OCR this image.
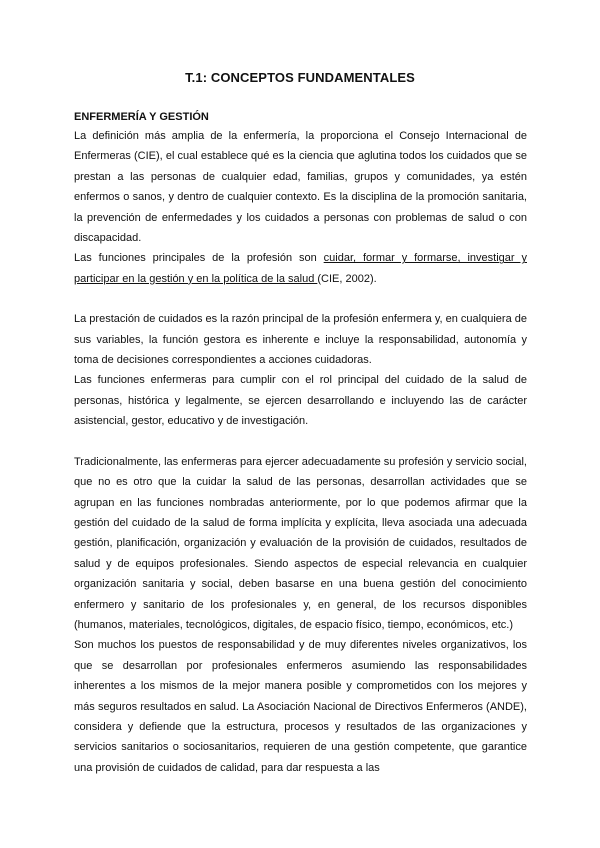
T.1: CONCEPTOS FUNDAMENTALES

ENFERMERÍA Y GESTIÓN

La definición más amplia de la enfermería, la proporciona el Consejo Internacional de Enfermeras (CIE), el cual establece qué es la ciencia que aglutina todos los cuidados que se prestan a las personas de cualquier edad, familias, grupos y comunidades, ya estén enfermos o sanos, y dentro de cualquier contexto. Es la disciplina de la promoción sanitaria, la prevención de enfermedades y los cuidados a personas con problemas de salud o con discapacidad.

Las funciones principales de la profesión son cuidar, formar y formarse, investigar y participar en la gestión y en la política de la salud (CIE, 2002).

La prestación de cuidados es la razón principal de la profesión enfermera y, en cualquiera de sus variables, la función gestora es inherente e incluye la responsabilidad, autonomía y toma de decisiones correspondientes a acciones cuidadoras.

Las funciones enfermeras para cumplir con el rol principal del cuidado de la salud de personas, histórica y legalmente, se ejercen desarrollando e incluyendo las de carácter asistencial, gestor, educativo y de investigación.

Tradicionalmente, las enfermeras para ejercer adecuadamente su profesión y servicio social, que no es otro que la cuidar la salud de las personas, desarrollan actividades que se agrupan en las funciones nombradas anteriormente, por lo que podemos afirmar que la gestión del cuidado de la salud de forma implícita y explícita, lleva asociada una adecuada gestión, planificación, organización y evaluación de la provisión de cuidados, resultados de salud y de equipos profesionales. Siendo aspectos de especial relevancia en cualquier organización sanitaria y social, deben basarse en una buena gestión del conocimiento enfermero y sanitario de los profesionales y, en general, de los recursos disponibles (humanos, materiales, tecnológicos, digitales, de espacio físico, tiempo, económicos, etc.)

Son muchos los puestos de responsabilidad y de muy diferentes niveles organizativos, los que se desarrollan por profesionales enfermeros asumiendo las responsabilidades inherentes a los mismos de la mejor manera posible y comprometidos con los mejores y más seguros resultados en salud. La Asociación Nacional de Directivos Enfermeros (ANDE), considera y defiende que la estructura, procesos y resultados de las organizaciones y servicios sanitarios o sociosanitarios, requieren de una gestión competente, que garantice una provisión de cuidados de calidad, para dar respuesta a las
